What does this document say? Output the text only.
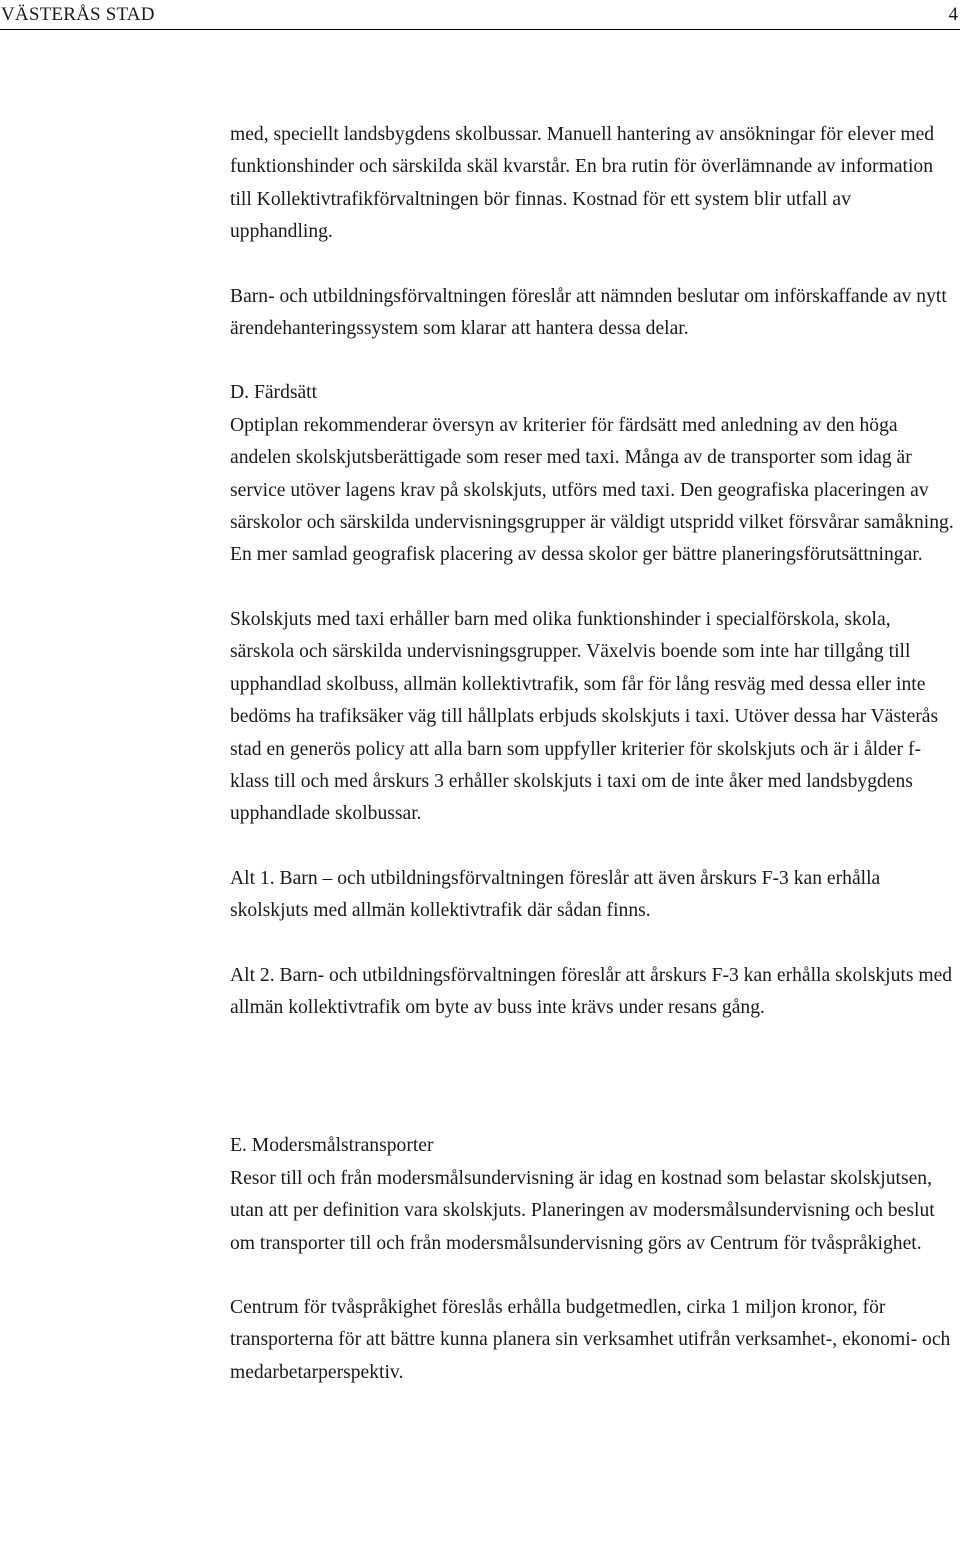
VÄSTERÅS STAD	4

med, speciellt landsbygdens skolbussar. Manuell hantering av ansökningar för elever med funktionshinder och särskilda skäl kvarstår. En bra rutin för överlämnande av information till Kollektivtrafikförvaltningen bör finnas. Kostnad för ett system blir utfall av upphandling.

Barn- och utbildningsförvaltningen föreslår att nämnden beslutar om införskaffande av nytt ärendehanteringssystem som klarar att hantera dessa delar.

D. Färdsätt

Optiplan rekommenderar översyn av kriterier för färdsätt med anledning av den höga andelen skolskjutsberättigade som reser med taxi. Många av de transporter som idag är service utöver lagens krav på skolskjuts, utförs med taxi. Den geografiska placeringen av särskolor och särskilda undervisningsgrupper är väldigt utspridd vilket försvårar samåkning. En mer samlad geografisk placering av dessa skolor ger bättre planeringsförutsättningar.

Skolskjuts med taxi erhåller barn med olika funktionshinder i specialförskola, skola, särskola och särskilda undervisningsgrupper. Växelvis boende som inte har tillgång till upphandlad skolbuss, allmän kollektivtrafik, som får för lång resväg med dessa eller inte bedöms ha trafiksäker väg till hållplats erbjuds skolskjuts i taxi. Utöver dessa har Västerås stad en generös policy att alla barn som uppfyller kriterier för skolskjuts och är i ålder f-klass till och med årskurs 3 erhåller skolskjuts i taxi om de inte åker med landsbygdens upphandlade skolbussar.

Alt 1. Barn – och utbildningsförvaltningen föreslår att även årskurs F-3 kan erhålla skolskjuts med allmän kollektivtrafik där sådan finns.

Alt 2. Barn- och utbildningsförvaltningen föreslår att årskurs F-3 kan erhålla skolskjuts med allmän kollektivtrafik om byte av buss inte krävs under resans gång.

E. Modersmålstransporter

Resor till och från modersmålsundervisning är idag en kostnad som belastar skolskjutsen, utan att per definition vara skolskjuts. Planeringen av modersmålsundervisning och beslut om transporter till och från modersmålsundervisning görs av Centrum för tvåspråkighet.

Centrum för tvåspråkighet föreslås erhålla budgetmedlen, cirka 1 miljon kronor, för transporterna för att bättre kunna planera sin verksamhet utifrån verksamhet-, ekonomi- och medarbetarperspektiv.
